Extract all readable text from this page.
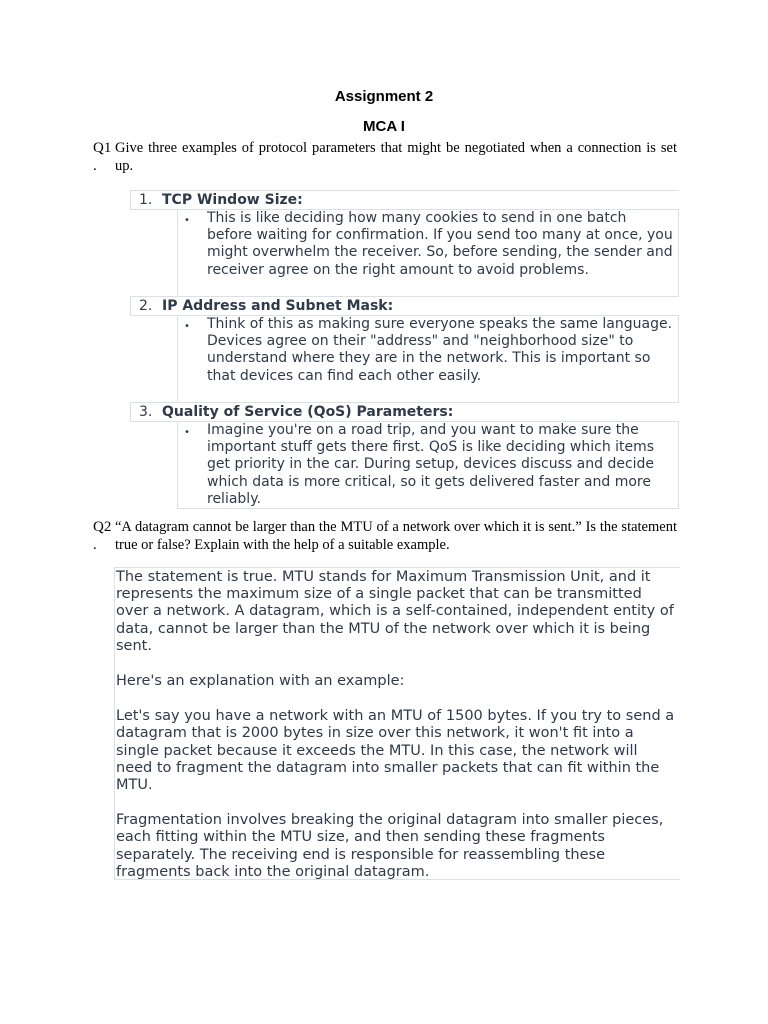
Assignment 2
MCA I
Q1
.
Give three examples of protocol parameters that might be negotiated when a connection is set up.
1. TCP Window Size:
• This is like deciding how many cookies to send in one batch before waiting for confirmation. If you send too many at once, you might overwhelm the receiver. So, before sending, the sender and receiver agree on the right amount to avoid problems.
2. IP Address and Subnet Mask:
• Think of this as making sure everyone speaks the same language. Devices agree on their "address" and "neighborhood size" to understand where they are in the network. This is important so that devices can find each other easily.
3. Quality of Service (QoS) Parameters:
• Imagine you're on a road trip, and you want to make sure the important stuff gets there first. QoS is like deciding which items get priority in the car. During setup, devices discuss and decide which data is more critical, so it gets delivered faster and more reliably.
Q2
.
“A datagram cannot be larger than the MTU of a network over which it is sent.” Is the statement true or false? Explain with the help of a suitable example.

The statement is true. MTU stands for Maximum Transmission Unit, and it represents the maximum size of a single packet that can be transmitted over a network. A datagram, which is a self-contained, independent entity of data, cannot be larger than the MTU of the network over which it is being sent.

Here's an explanation with an example:

Let's say you have a network with an MTU of 1500 bytes. If you try to send a datagram that is 2000 bytes in size over this network, it won't fit into a single packet because it exceeds the MTU. In this case, the network will need to fragment the datagram into smaller packets that can fit within the MTU.

Fragmentation involves breaking the original datagram into smaller pieces, each fitting within the MTU size, and then sending these fragments separately. The receiving end is responsible for reassembling these fragments back into the original datagram.
